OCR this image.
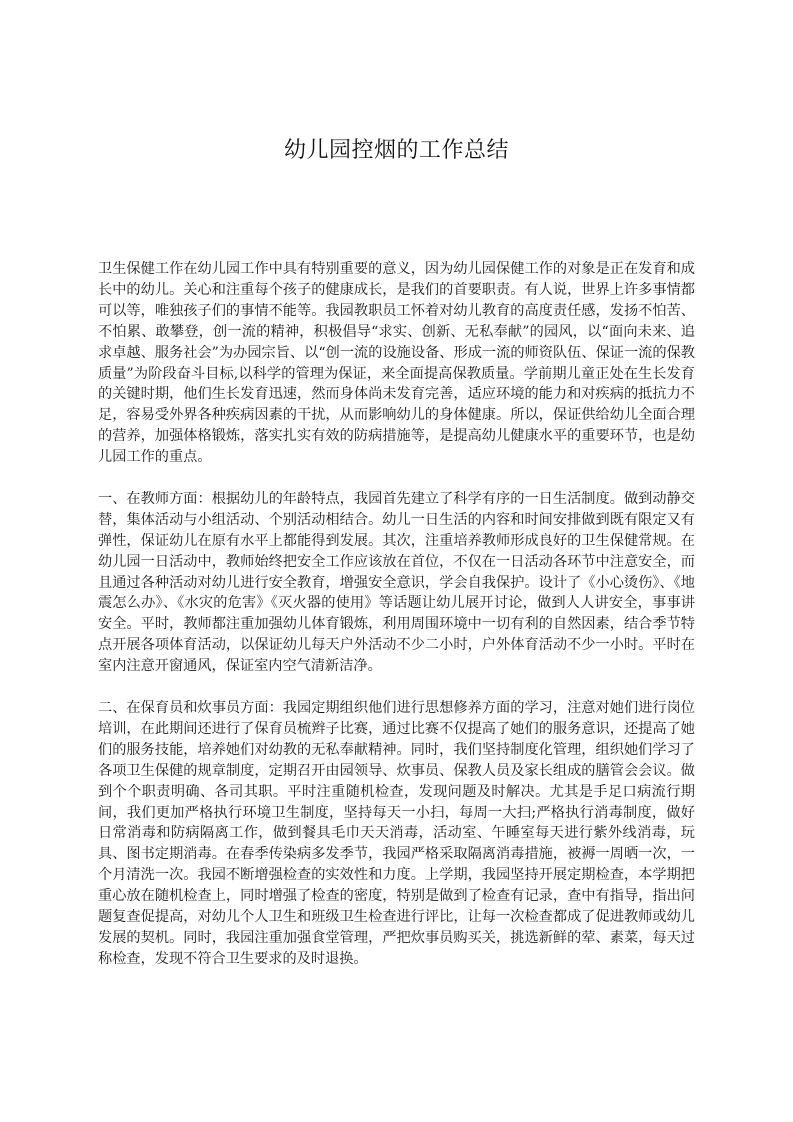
幼儿园控烟的工作总结

卫生保健工作在幼儿园工作中具有特别重要的意义，因为幼儿园保健工作的对象是正在发育和成长中的幼儿。关心和注重每个孩子的健康成长，是我们的首要职责。有人说，世界上许多事情都可以等，唯独孩子们的事情不能等。我园教职员工怀着对幼儿教育的高度责任感，发扬不怕苦、不怕累、敢攀登，创一流的精神，积极倡导“求实、创新、无私奉献”的园风，以“面向未来、追求卓越、服务社会”为办园宗旨、以“创一流的设施设备、形成一流的师资队伍、保证一流的保教质量”为阶段奋斗目标,以科学的管理为保证，来全面提高保教质量。学前期儿童正处在生长发育的关键时期，他们生长发育迅速，然而身体尚未发育完善，适应环境的能力和对疾病的抵抗力不足，容易受外界各种疾病因素的干扰，从而影响幼儿的身体健康。所以，保证供给幼儿全面合理的营养，加强体格锻炼，落实扎实有效的防病措施等，是提高幼儿健康水平的重要环节，也是幼儿园工作的重点。

一、在教师方面：根据幼儿的年龄特点，我园首先建立了科学有序的一日生活制度。做到动静交替，集体活动与小组活动、个别活动相结合。幼儿一日生活的内容和时间安排做到既有限定又有弹性，保证幼儿在原有水平上都能得到发展。其次，注重培养教师形成良好的卫生保健常规。在幼儿园一日活动中，教师始终把安全工作应该放在首位，不仅在一日活动各环节中注意安全，而且通过各种活动对幼儿进行安全教育，增强安全意识，学会自我保护。设计了《小心烫伤》、《地震怎么办》、《水灾的危害》《灭火器的使用》等话题让幼儿展开讨论，做到人人讲安全，事事讲安全。平时，教师都注重加强幼儿体育锻炼，利用周围环境中一切有利的自然因素，结合季节特点开展各项体育活动，以保证幼儿每天户外活动不少二小时，户外体育活动不少一小时。平时在室内注意开窗通风，保证室内空气清新洁净。

二、在保育员和炊事员方面：我园定期组织他们进行思想修养方面的学习，注意对她们进行岗位培训，在此期间还进行了保育员梳辫子比赛，通过比赛不仅提高了她们的服务意识，还提高了她们的服务技能，培养她们对幼教的无私奉献精神。同时，我们坚持制度化管理，组织她们学习了各项卫生保健的规章制度，定期召开由园领导、炊事员、保教人员及家长组成的膳管会会议。做到个个职责明确、各司其职。平时注重随机检查，发现问题及时解决。尤其是手足口病流行期间，我们更加严格执行环境卫生制度，坚持每天一小扫，每周一大扫;严格执行消毒制度，做好日常消毒和防病隔离工作，做到餐具毛巾天天消毒，活动室、午睡室每天进行紫外线消毒，玩具、图书定期消毒。在春季传染病多发季节，我园严格采取隔离消毒措施，被褥一周晒一次，一个月清洗一次。我园不断增强检查的实效性和力度。上学期，我园坚持开展定期检查，本学期把重心放在随机检查上，同时增强了检查的密度，特别是做到了检查有记录，查中有指导，指出问题复查促提高，对幼儿个人卫生和班级卫生检查进行评比，让每一次检查都成了促进教师或幼儿发展的契机。同时，我园注重加强食堂管理，严把炊事员购买关，挑选新鲜的荤、素菜，每天过称检查，发现不符合卫生要求的及时退换。
